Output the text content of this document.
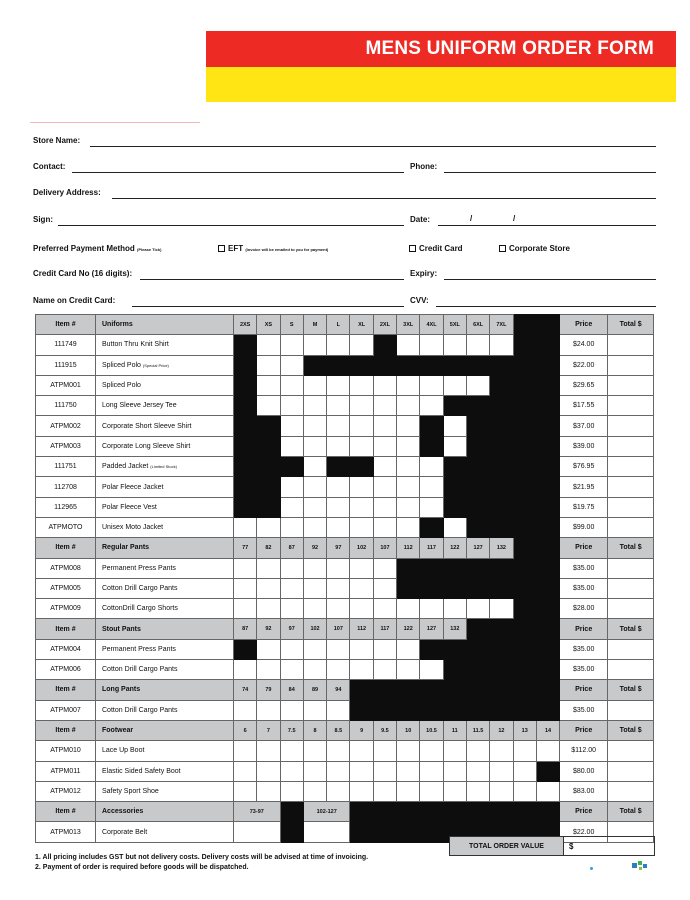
MENS UNIFORM ORDER FORM
Store Name:
Contact:	Phone:
Delivery Address:
Sign:	Date:	/	/
Preferred Payment Method (Please Tick)	EFT (Invoice will be emailed to you for payment)	Credit Card	Corporate Store
Credit Card No (16 digits):	Expiry:
Name on Credit Card:	CVV:
Item #	Uniforms	2XS	XS	S	M	L	XL	2XL	3XL	4XL	5XL	6XL	7XL			Price	Total $
111749	Button Thru Knit Shirt															$24.00	
111915	Spliced Polo (Special Price)															$22.00	
ATPM001	Spliced Polo															$29.65	
111750	Long Sleeve Jersey Tee															$17.55	
ATPM002	Corporate Short Sleeve Shirt															$37.00	
ATPM003	Corporate Long Sleeve Shirt															$39.00	
111751	Padded Jacket (Limited Stock)															$76.95	
112708	Polar Fleece Jacket															$21.95	
112965	Polar Fleece Vest															$19.75	
ATPMOTO	Unisex Moto Jacket															$99.00	
Item #	Regular Pants	77	82	87	92	97	102	107	112	117	122	127	132			Price	Total $
ATPM008	Permanent Press Pants															$35.00	
ATPM005	Cotton Drill Cargo Pants															$35.00	
ATPM009	CottonDrill Cargo Shorts															$28.00	
Item #	Stout Pants	87	92	97	102	107	112	117	122	127	132					Price	Total $
ATPM004	Permanent Press Pants															$35.00	
ATPM006	Cotton Drill Cargo Pants															$35.00	
Item #	Long Pants	74	79	84	89	94										Price	Total $
ATPM007	Cotton Drill Cargo Pants															$35.00	
Item #	Footwear	6	7	7.5	8	8.5	9	9.5	10	10.5	11	11.5	12	13	14	Price	Total $
ATPM010	Lace Up Boot															$112.00	
ATPM011	Elastic Sided Safety Boot															$80.00	
ATPM012	Safety Sport Shoe															$83.00	
Item #	Accessories	73-97			102-127											Price	Total $
ATPM013	Corporate Belt															$22.00	
TOTAL ORDER VALUE	$
1. All pricing includes GST but not delivery costs. Delivery costs will be advised at time of invoicing.
2. Payment of order is required before goods will be dispatched.
